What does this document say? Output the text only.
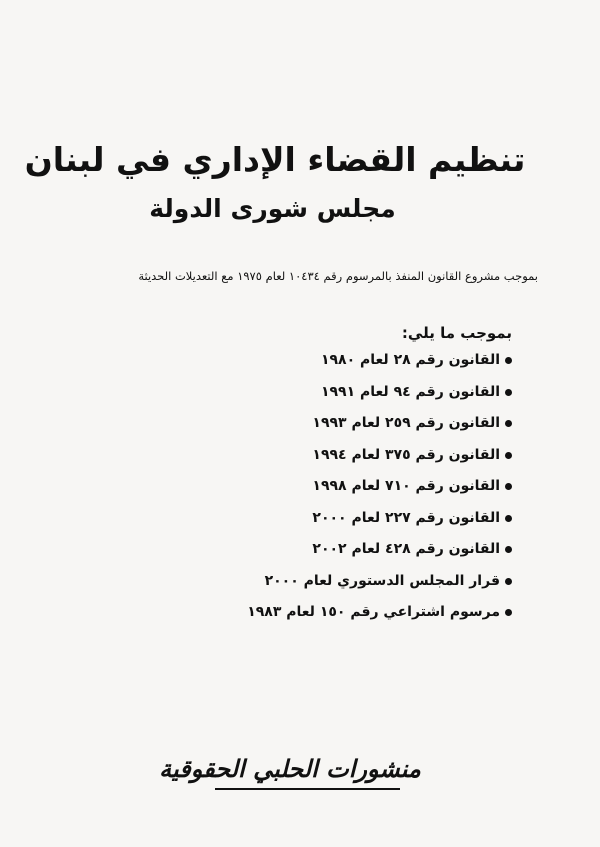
تنظيم القضاء الإداري في لبنان
مجلس شورى الدولة

بموجب مشروع القانون المنفذ بالمرسوم رقم ١٠٤٣٤ لعام ١٩٧٥ مع التعديلات الحديثة

بموجب ما يلي:

القانون رقم ٢٨ لعام ١٩٨٠
القانون رقم ٩٤ لعام ١٩٩١
القانون رقم ٢٥٩ لعام ١٩٩٣
القانون رقم ٣٧٥ لعام ١٩٩٤
القانون رقم ٧١٠ لعام ١٩٩٨
القانون رقم ٢٢٧ لعام ٢٠٠٠
القانون رقم ٤٢٨ لعام ٢٠٠٢
قرار المجلس الدستوري لعام ٢٠٠٠
مرسوم اشتراعي رقم ١٥٠ لعام ١٩٨٣

منشورات الحلبي الحقوقية
